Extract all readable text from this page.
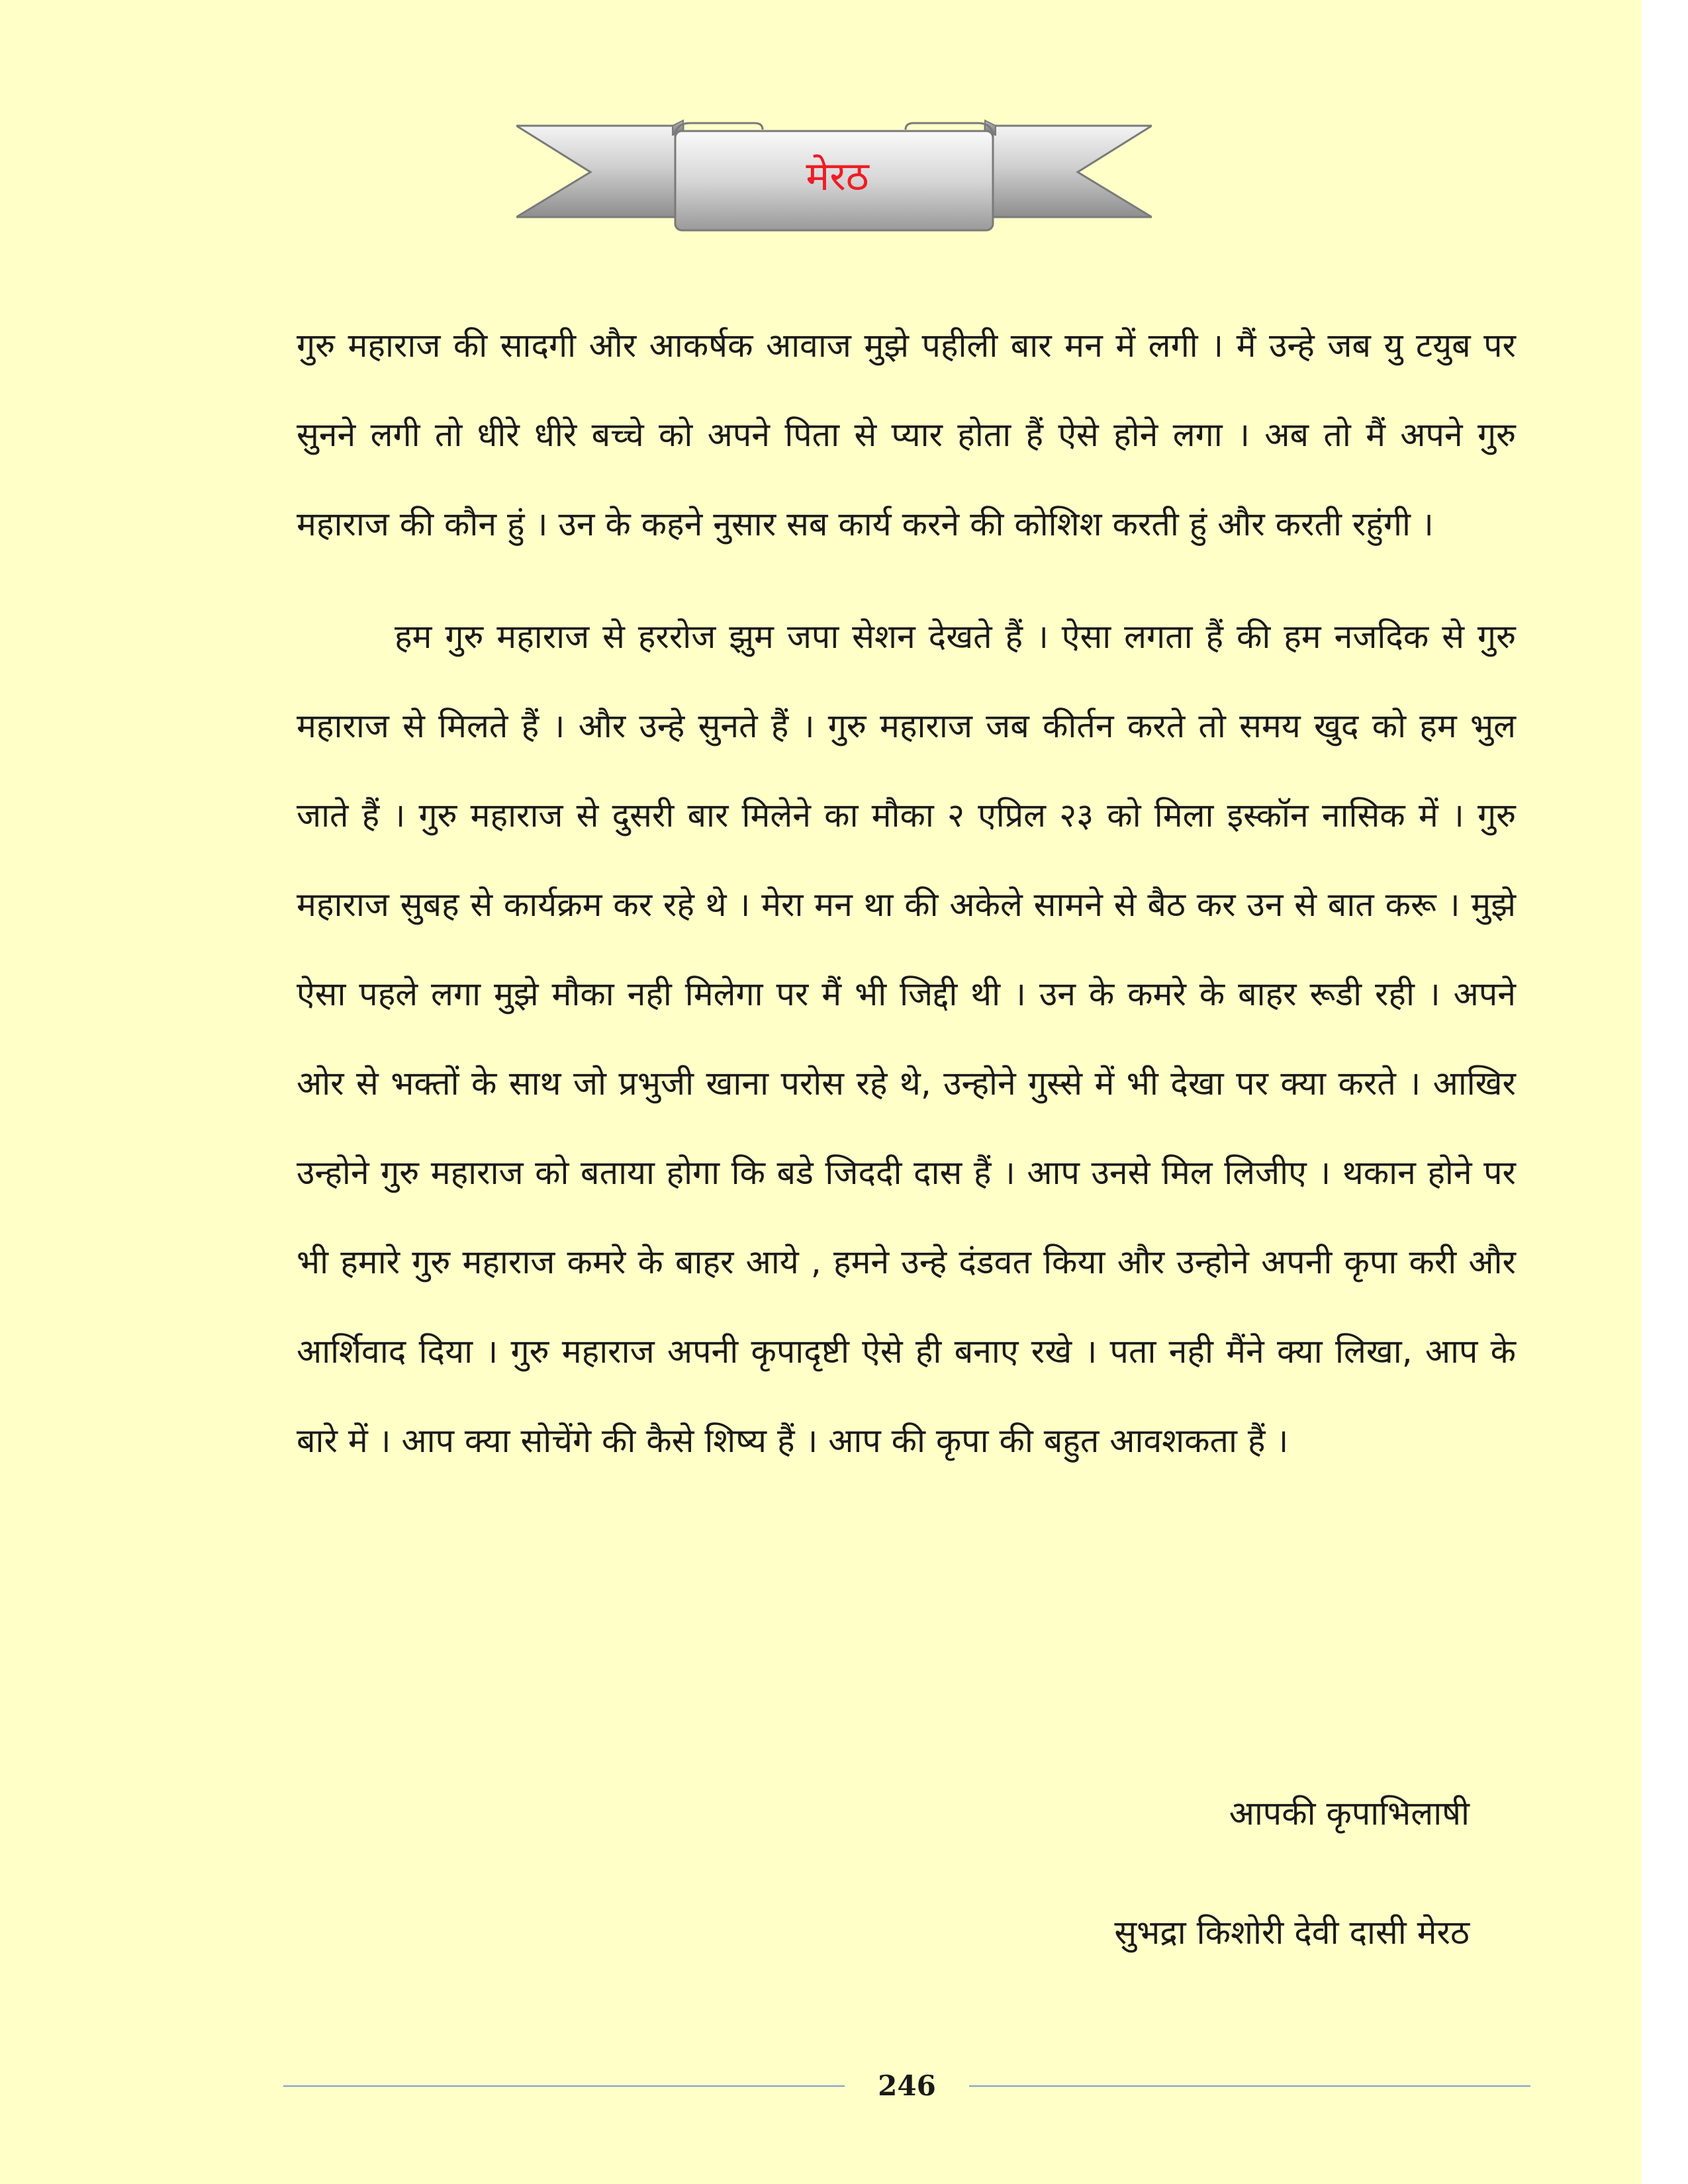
मेरठ

गुरु महाराज की सादगी और आकर्षक आवाज मुझे पहीली बार मन में लगी । मैं उन्हे जब यु टयुब पर सुनने लगी तो धीरे धीरे बच्चे को अपने पिता से प्यार होता हैं ऐसे होने लगा । अब तो मैं अपने गुरु महाराज की कौन हुं । उन के कहने नुसार सब कार्य करने की कोशिश करती हुं और करती रहुंगी ।

हम गुरु महाराज से हररोज झुम जपा सेशन देखते हैं । ऐसा लगता हैं की हम नजदिक से गुरु महाराज से मिलते हैं । और उन्हे सुनते हैं । गुरु महाराज जब कीर्तन करते तो समय खुद को हम भुल जाते हैं । गुरु महाराज से दुसरी बार मिलेने का मौका २ एप्रिल २३ को मिला इस्कॉन नासिक में । गुरु महाराज सुबह से कार्यक्रम कर रहे थे । मेरा मन था की अकेले सामने से बैठ कर उन से बात करू । मुझे ऐसा पहले लगा मुझे मौका नही मिलेगा पर मैं भी जिद्दी थी । उन के कमरे के बाहर रूडी रही । अपने ओर से भक्तों के साथ जो प्रभुजी खाना परोस रहे थे, उन्होने गुस्से में भी देखा पर क्या करते । आखिर उन्होने गुरु महाराज को बताया होगा कि बडे जिददी दास हैं । आप उनसे मिल लिजीए । थकान होने पर भी हमारे गुरु महाराज कमरे के बाहर आये , हमने उन्हे दंडवत किया और उन्होने अपनी कृपा करी और आर्शिवाद दिया । गुरु महाराज अपनी कृपादृष्टी ऐसे ही बनाए रखे । पता नही मैंने क्या लिखा, आप के बारे में । आप क्या सोचेंगे की कैसे शिष्य हैं । आप की कृपा की बहुत आवशकता हैं ।

आपकी कृपाभिलाषी
सुभद्रा किशोरी देवी दासी मेरठ
246
